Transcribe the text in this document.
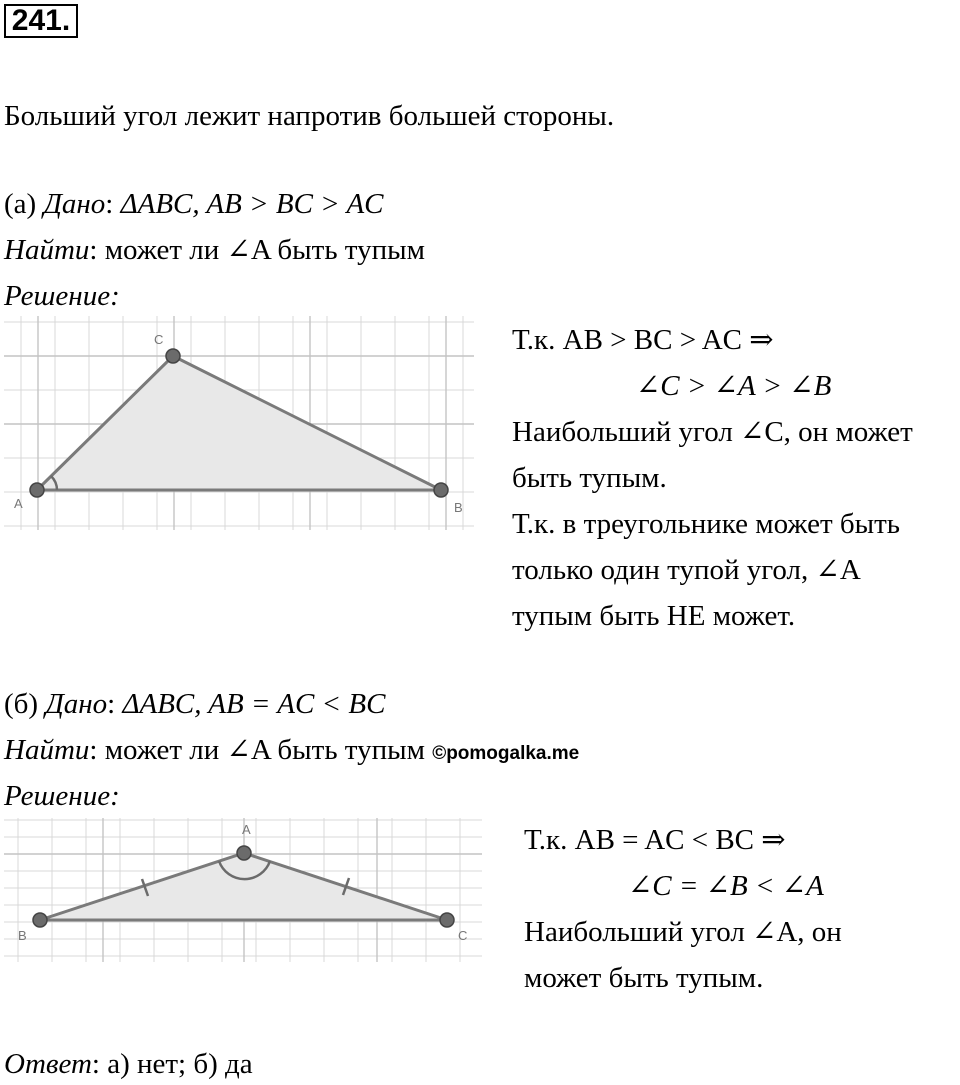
241.
Больший угол лежит напротив большей стороны.
(а) Дано: ΔABC, AB > BC > AC
Найти: может ли ∠A быть тупым
Решение:
A
C
B
Т.к. AB > BC > AC ⇒
∠C > ∠A > ∠B
Наибольший угол ∠C, он может
быть тупым.
Т.к. в треугольнике может быть
только один тупой угол, ∠A
тупым быть НЕ может.
(б) Дано: ΔABC, AB = AC < BC
Найти: может ли ∠A быть тупым ©pomogalka.me
Решение:
B
A
C
Т.к. AB = AC < BC ⇒
∠C = ∠B < ∠A
Наибольший угол ∠A, он
может быть тупым.
Ответ: а) нет; б) да
